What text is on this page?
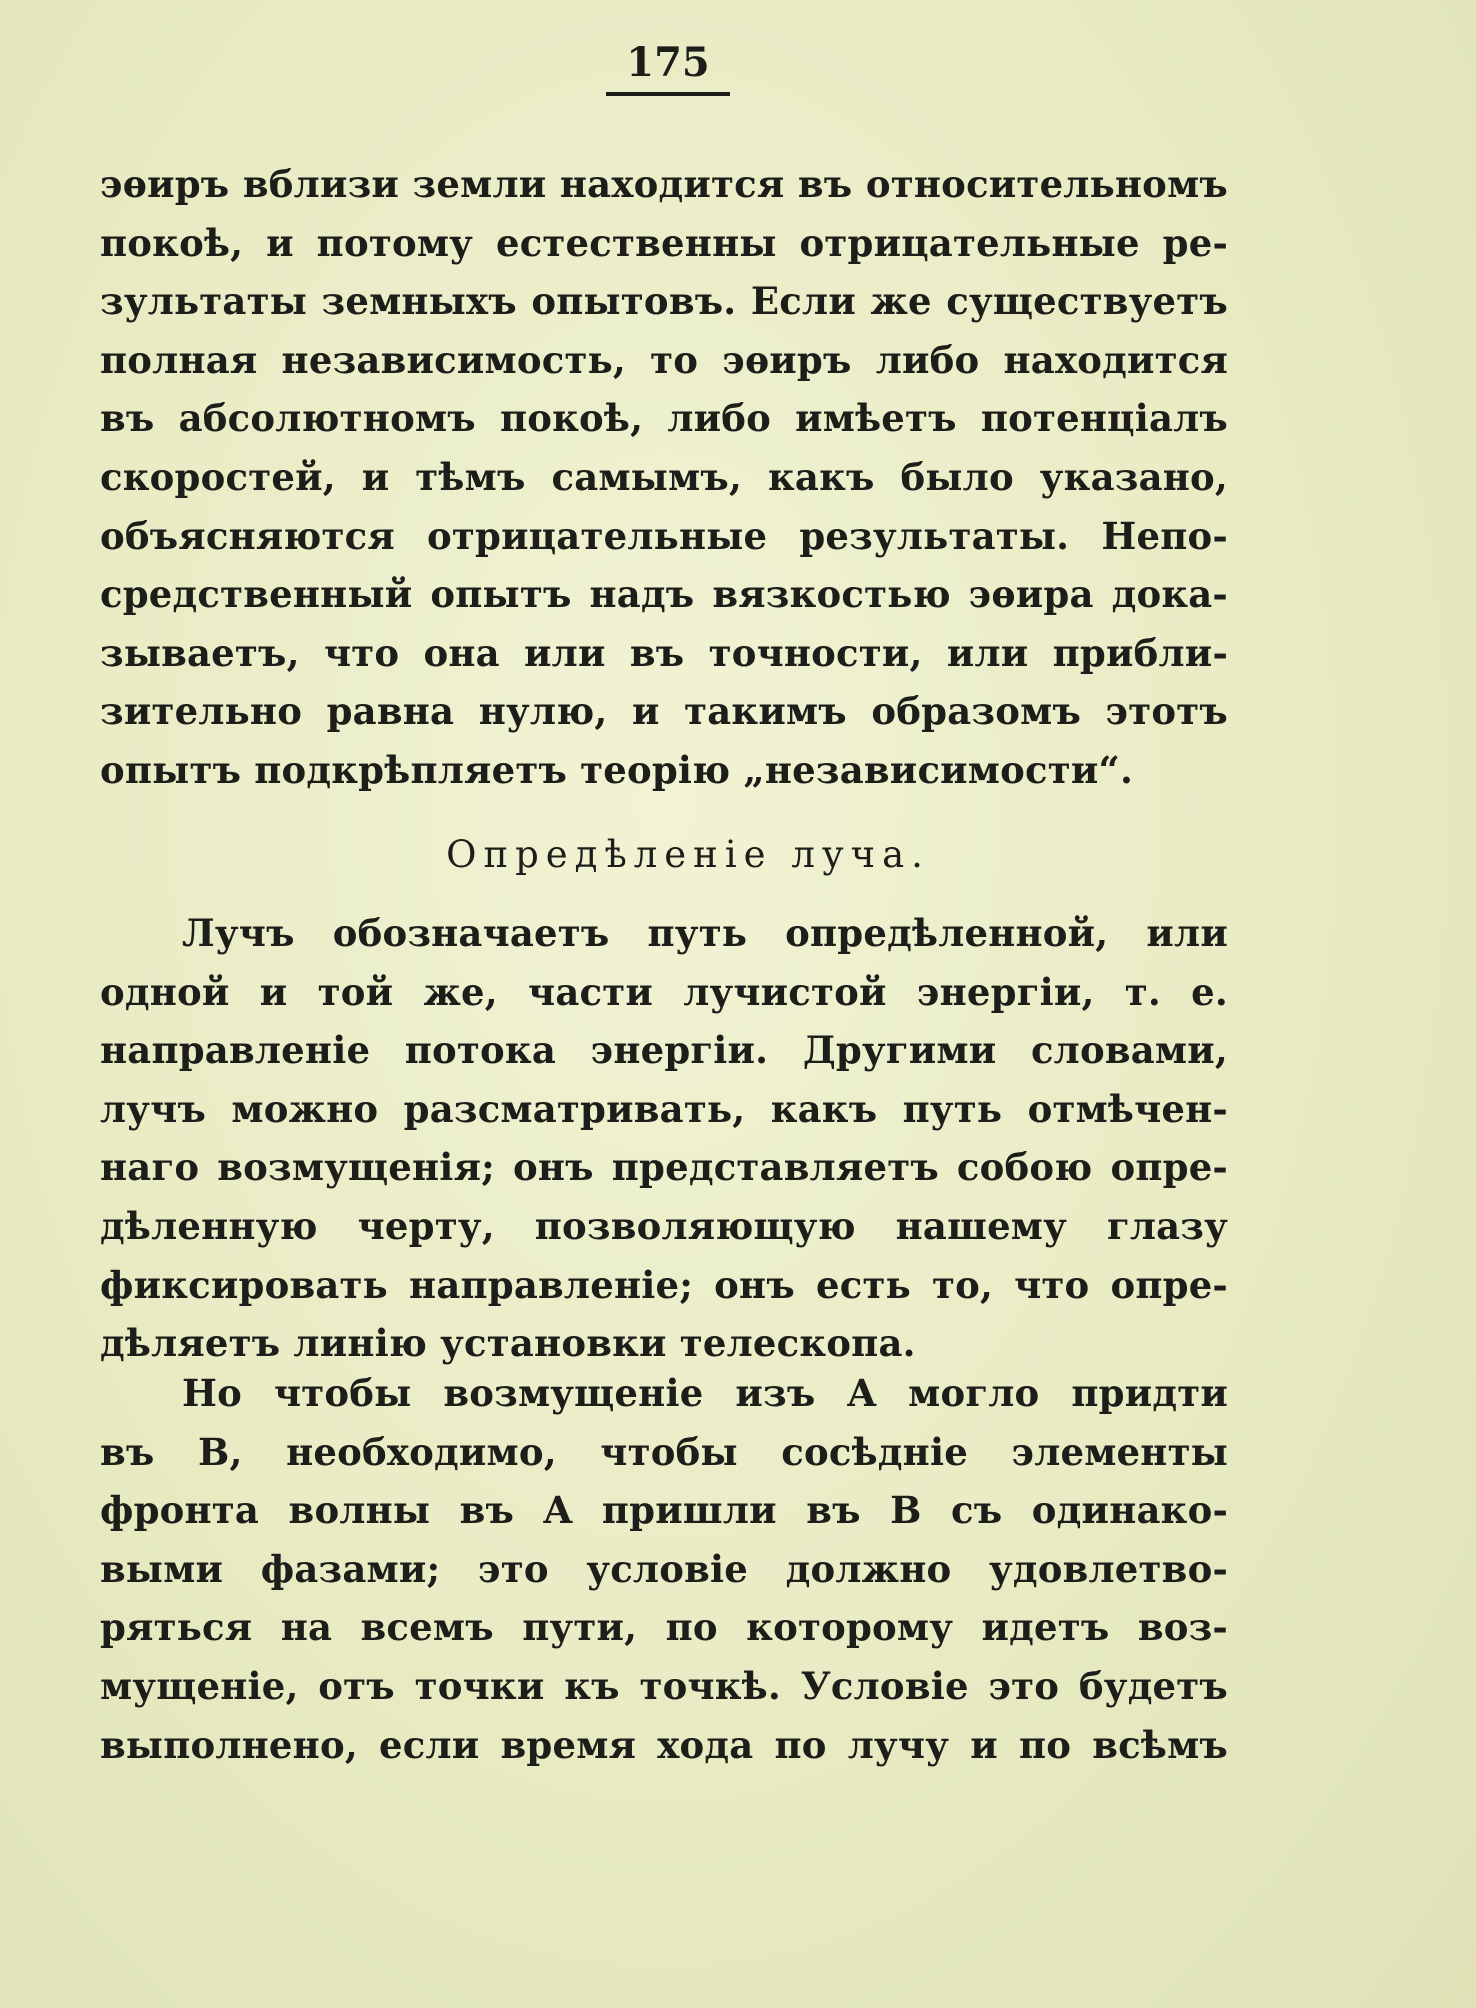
175
эѳиръ вблизи земли находится въ относительномъ
покоѣ, и потому естественны отрицательные ре-
зультаты земныхъ опытовъ. Если же существуетъ
полная независимость, то эѳиръ либо находится
въ абсолютномъ покоѣ, либо имѣетъ потенціалъ
скоростей, и тѣмъ самымъ, какъ было указано,
объясняются отрицательные результаты. Непо-
средственный опытъ надъ вязкостью эѳира дока-
зываетъ, что она или въ точности, или прибли-
зительно равна нулю, и такимъ образомъ этотъ
опытъ подкрѣпляетъ теорію „независимости“.
Опредѣленіе луча.
Лучъ обозначаетъ путь опредѣленной, или
одной и той же, части лучистой энергіи, т. е.
направленіе потока энергіи. Другими словами,
лучъ можно разсматривать, какъ путь отмѣчен-
наго возмущенія; онъ представляетъ собою опре-
дѣленную черту, позволяющую нашему глазу
фиксировать направленіе; онъ есть то, что опре-
дѣляетъ линію установки телескопа.
Но чтобы возмущеніе изъ A могло придти
въ B, необходимо, чтобы сосѣдніе элементы
фронта волны въ A пришли въ B съ одинако-
выми фазами; это условіе должно удовлетво-
ряться на всемъ пути, по которому идетъ воз-
мущеніе, отъ точки къ точкѣ. Условіе это будетъ
выполнено, если время хода по лучу и по всѣмъ
